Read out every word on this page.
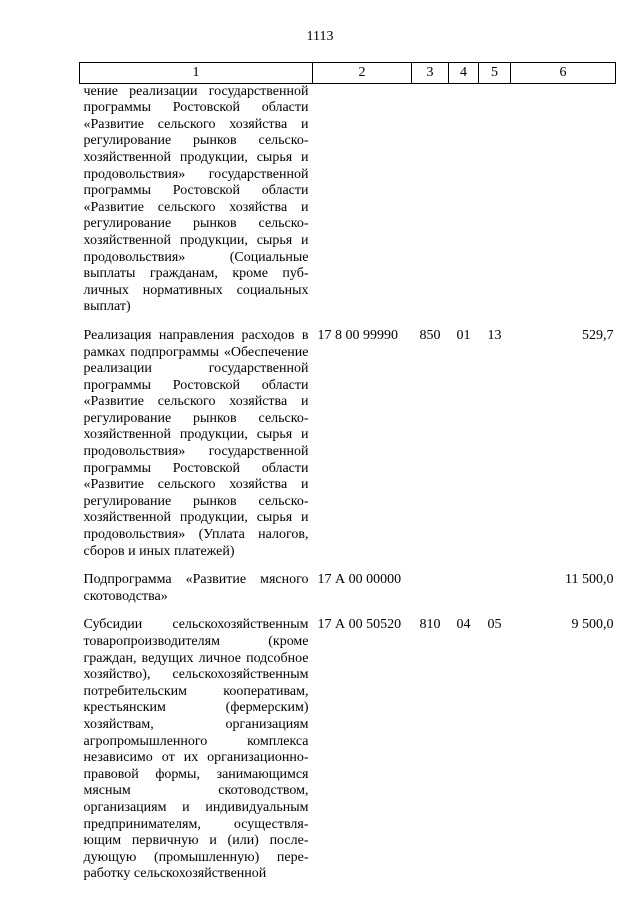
1113
1	2	3	4	5	6
чение реализации государственной программы Ростовской области «Развитие сельского хозяйства и регулирование рынков сельскохозяйственной продукции, сырья и продовольствия» государственной программы Ростовской области «Развитие сельского хозяйства и регулирование рынков сельскохозяйственной продукции, сырья и продовольствия» (Социальные выплаты гражданам, кроме публичных нормативных социальных выплат)					
Реализация направления расходов в рамках подпрограммы «Обеспечение реализации государственной программы Ростовской области «Развитие сельского хозяйства и регулирование рынков сельскохозяйственной продукции, сырья и продовольствия» государственной программы Ростовской области «Развитие сельского хозяйства и регулирование рынков сельскохозяйственной продукции, сырья и продовольствия» (Уплата налогов, сборов и иных платежей)	17 8 00 99990	850	01	13	529,7
Подпрограмма «Развитие мясного скотоводства»	17 А 00 00000				11 500,0
Субсидии сельскохозяйственным товаропроизводителям (кроме граждан, ведущих личное подсобное хозяйство), сельскохозяйственным потребительским кооперативам, крестьянским (фермерским) хозяйствам, организациям агропромышленного комплекса независимо от их организационно-правовой формы, занимающимся мясным скотоводством, организациям и индивидуальным предпринимателям, осуществляющим первичную и (или) последующую (промышленную) переработку сельскохозяйственной	17 А 00 50520	810	04	05	9 500,0
